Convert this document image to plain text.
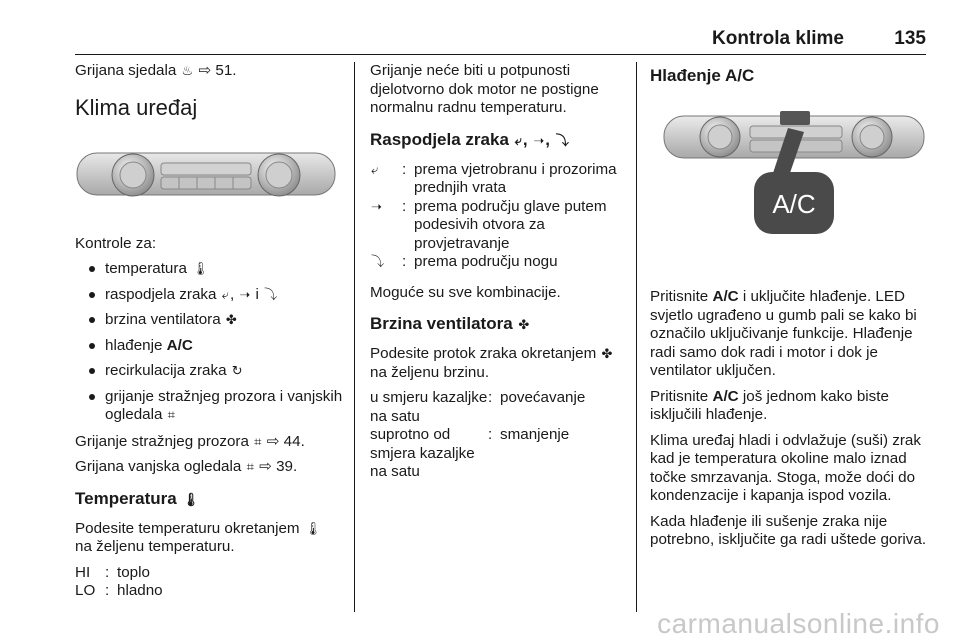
Kontrola klime	135

Grijana sjedala ♨ ⇨ 51.

Klima uređaj

Kontrole za:

temperatura 🌡
raspodjela zraka ⤶, ➝ i ⤵
brzina ventilatora ✤
hlađenje A/C
recirkulacija zraka ↻
grijanje stražnjeg prozora i vanjskih ogledala ⌗

Grijanje stražnjeg prozora ⌗ ⇨ 44.

Grijana vanjska ogledala ⌗ ⇨ 39.

Temperatura 🌡

Podesite temperaturu okretanjem 🌡 na željenu temperaturu.

HI : toplo
LO : hladno

Grijanje neće biti u potpunosti djelotvorno dok motor ne postigne normalnu radnu temperaturu.

Raspodjela zraka ⤶, ➝, ⤵
⤶	: prema vjetrobranu i prozorima prednjih vrata
➝	: prema području glave putem podesivih otvora za provjetravanje
⤵	: prema području nogu

Moguće su sve kombinacije.

Brzina ventilatora ✤

Podesite protok zraka okretanjem ✤ na željenu brzinu.

u smjeru kazaljke na satu
: povećavanje
suprotno od smjera kazaljke na satu
: smanjenje
Hlađenje A/C
A/C

Pritisnite A/C i uključite hlađenje. LED svjetlo ugrađeno u gumb pali se kako bi označilo uključivanje funkcije. Hlađenje radi samo dok radi i motor i dok je ventilator uključen.

Pritisnite A/C još jednom kako biste isključili hlađenje.

Klima uređaj hladi i odvlažuje (suši) zrak kad je temperatura okoline malo iznad točke smrzavanja. Stoga, može doći do kondenzacije i kapanja ispod vozila.

Kada hlađenje ili sušenje zraka nije potrebno, isključite ga radi uštede goriva.

carmanualsonline.info
